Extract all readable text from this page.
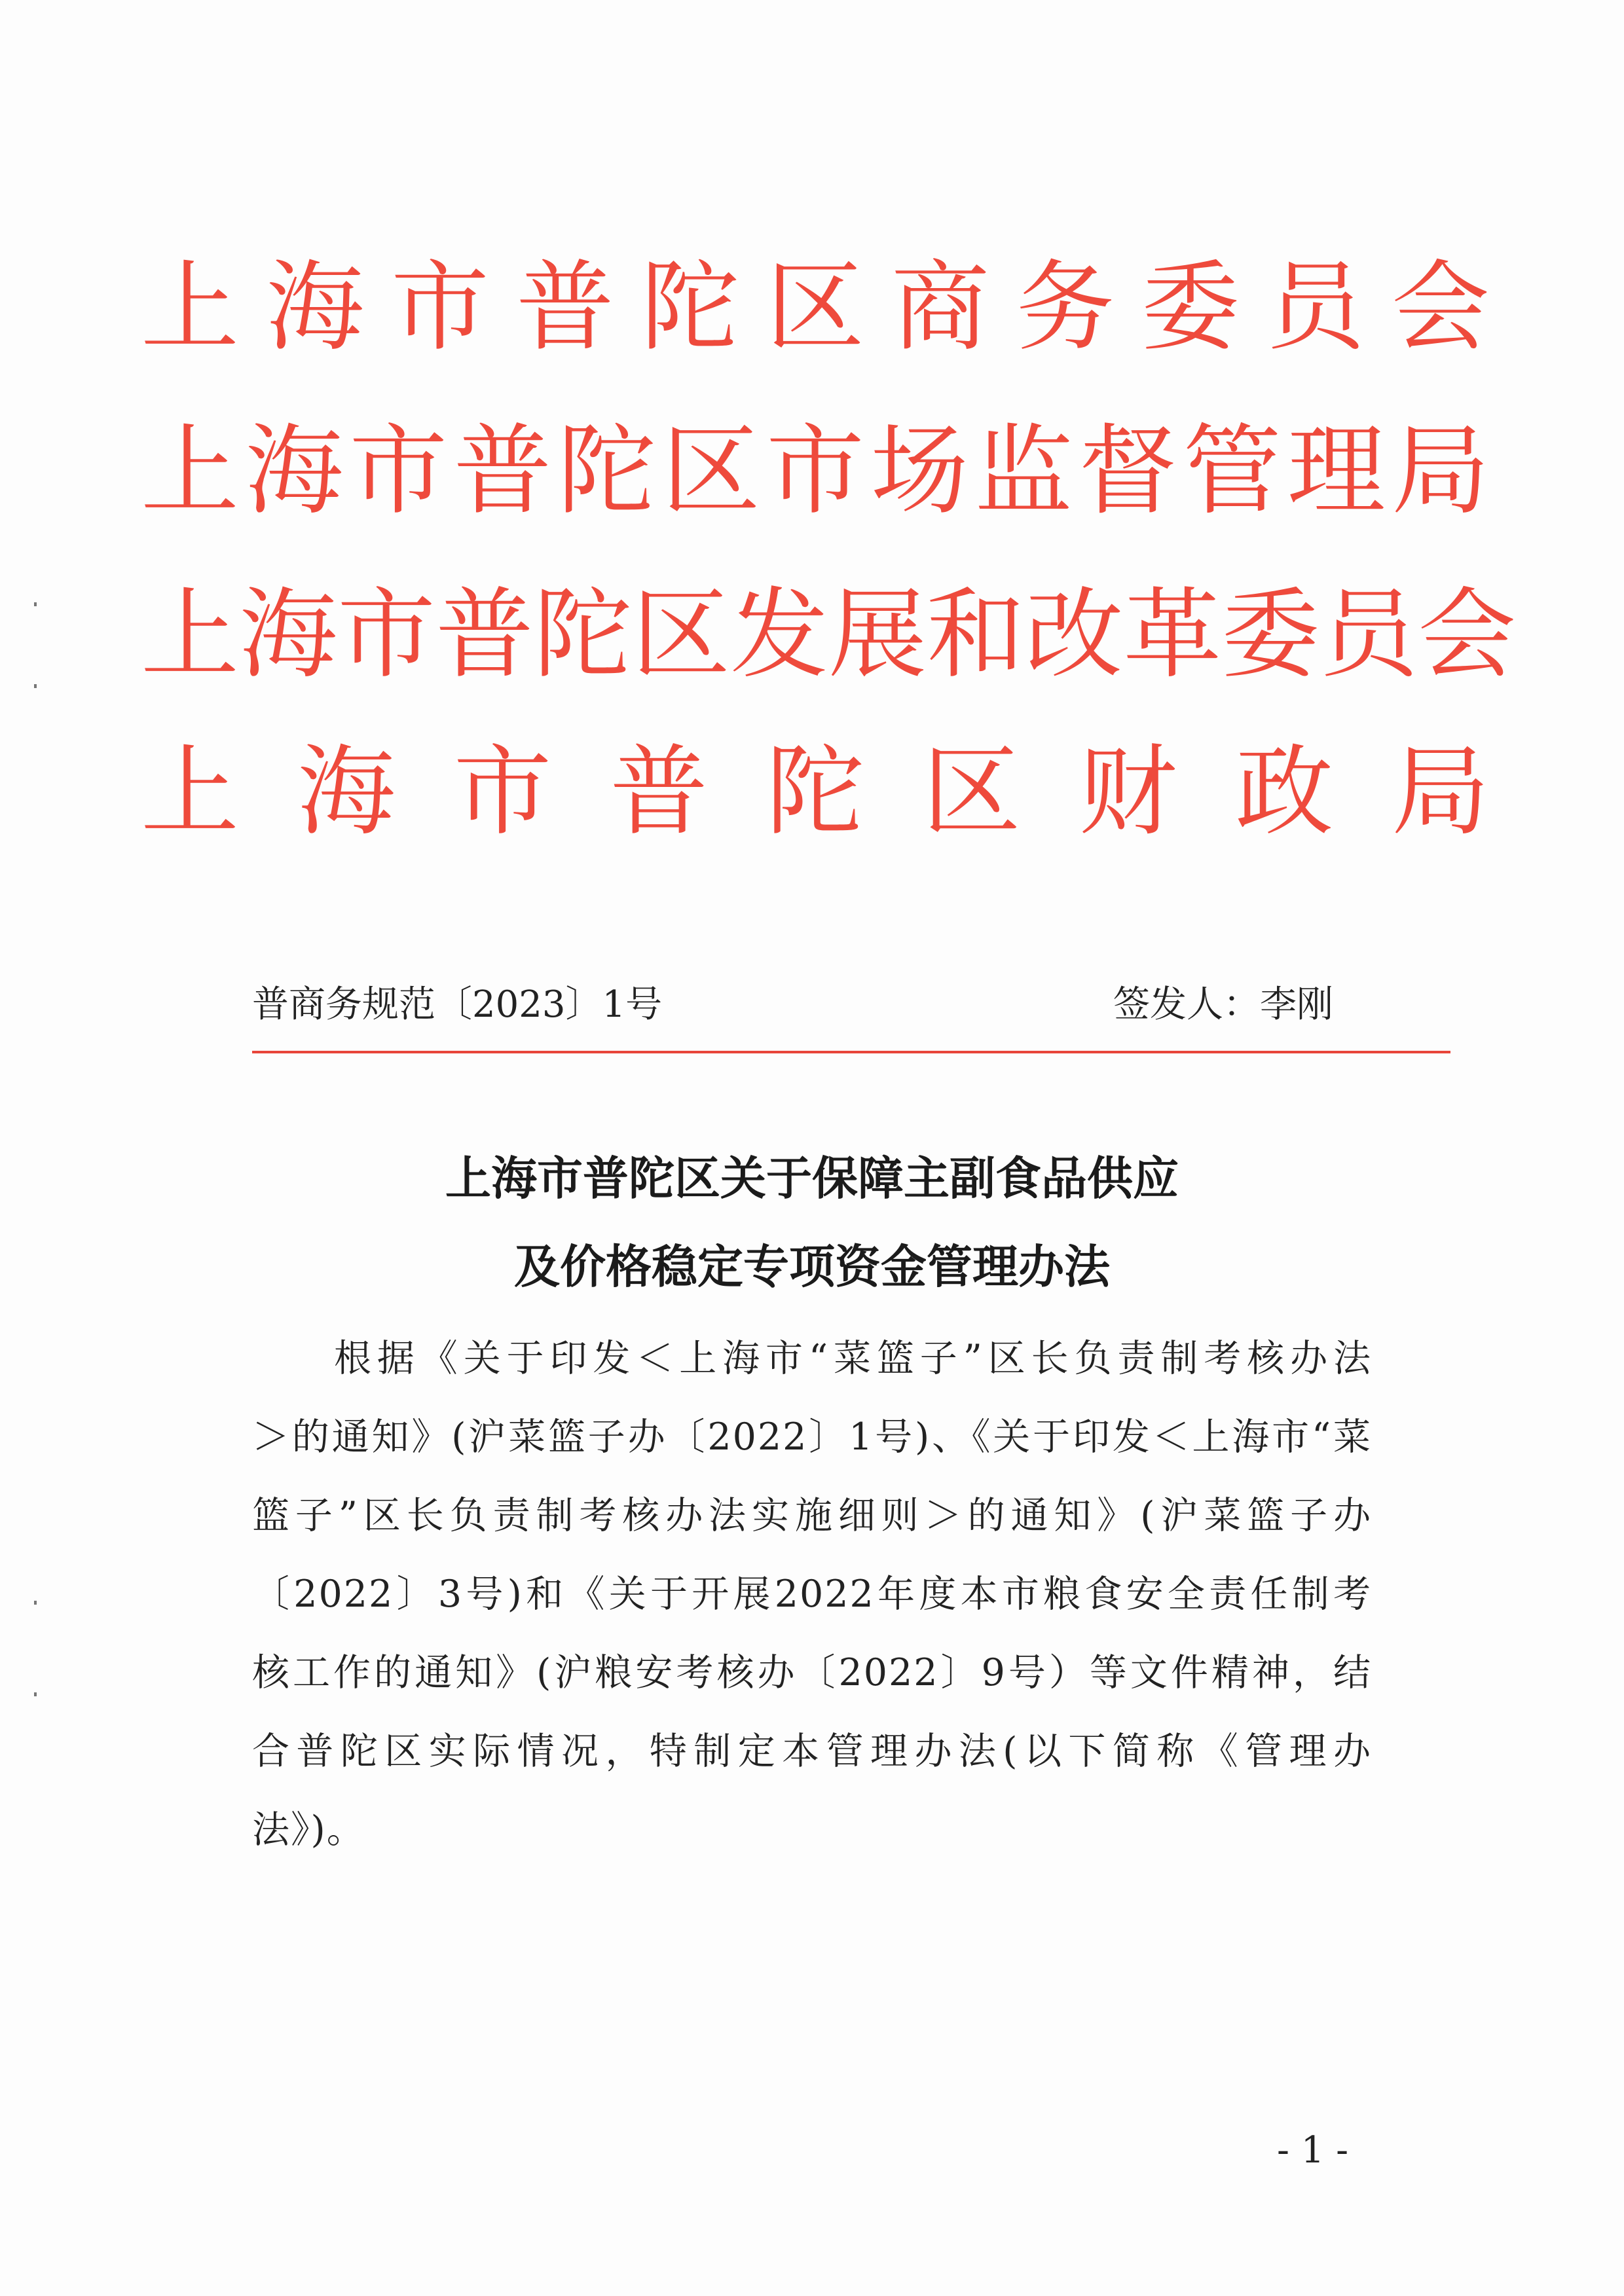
上 海 市 普 陀 区 商 务 委 员 会
上 海 市 普 陀 区 市 场 监 督 管 理 局
上 海 市 普 陀 区 发 展 和 改 革 委 员 会
上 海 市 普 陀 区 财 政 局
普商务规范〔2023〕1号	签发人：李刚
上海市普陀区关于保障主副食品供应
及价格稳定专项资金管理办法
根据《关于印发＜上海市“菜篮子”区长负责制考核办法
＞的通知》(沪菜篮子办〔2022〕1号)、《关于印发＜上海市“菜
篮子”区长负责制考核办法实施细则＞的通知》(沪菜篮子办
〔2022〕3号)和《关于开展2022年度本市粮食安全责任制考
核工作的通知》(沪粮安考核办〔2022〕9号）等文件精神，结
合普陀区实际情况，特制定本管理办法(以下简称《管理办
法》)。
- 1 -
